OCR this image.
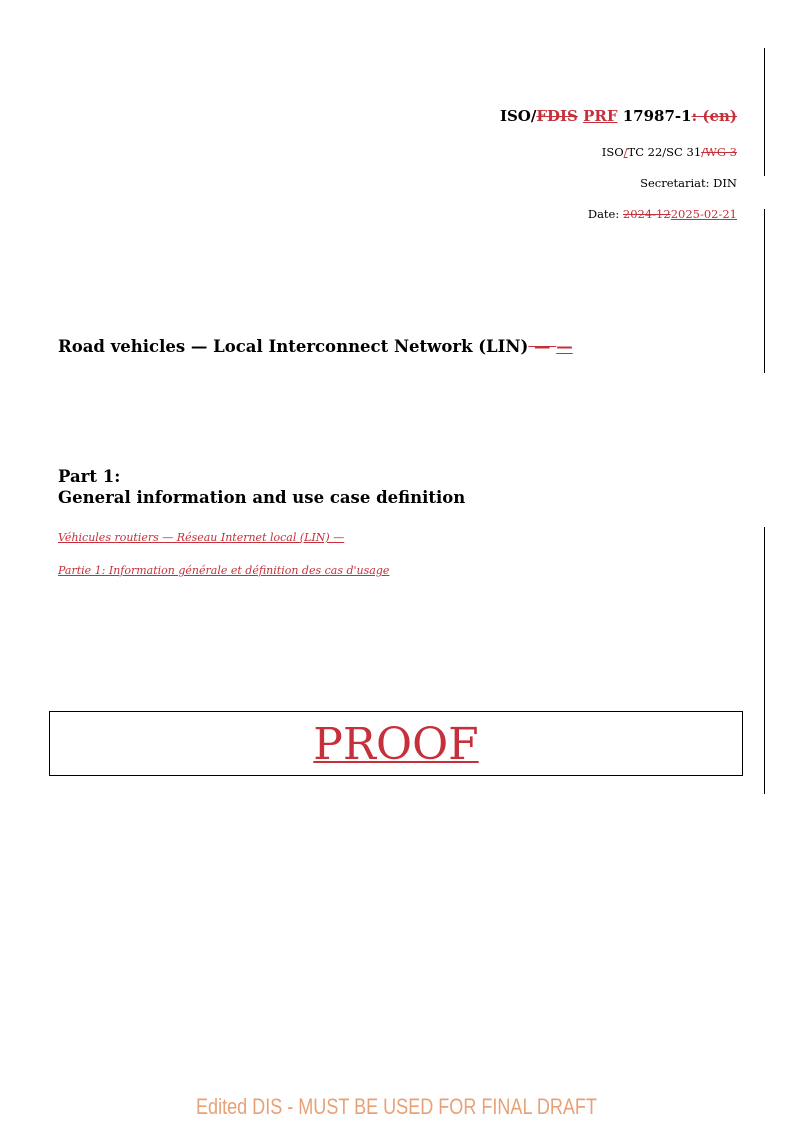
ISO/FDIS PRF 17987-1: (en)
ISO/TC 22/SC 31/WG 3
Secretariat: DIN
Date: 2024-122025-02-21
Road vehicles — Local Interconnect Network (LIN) — —
Part 1:
General information and use case definition
Véhicules routiers — Réseau Internet local (LIN) —
Partie 1: Information générale et définition des cas d'usage
PROOF
Edited DIS - MUST BE USED FOR FINAL DRAFT
